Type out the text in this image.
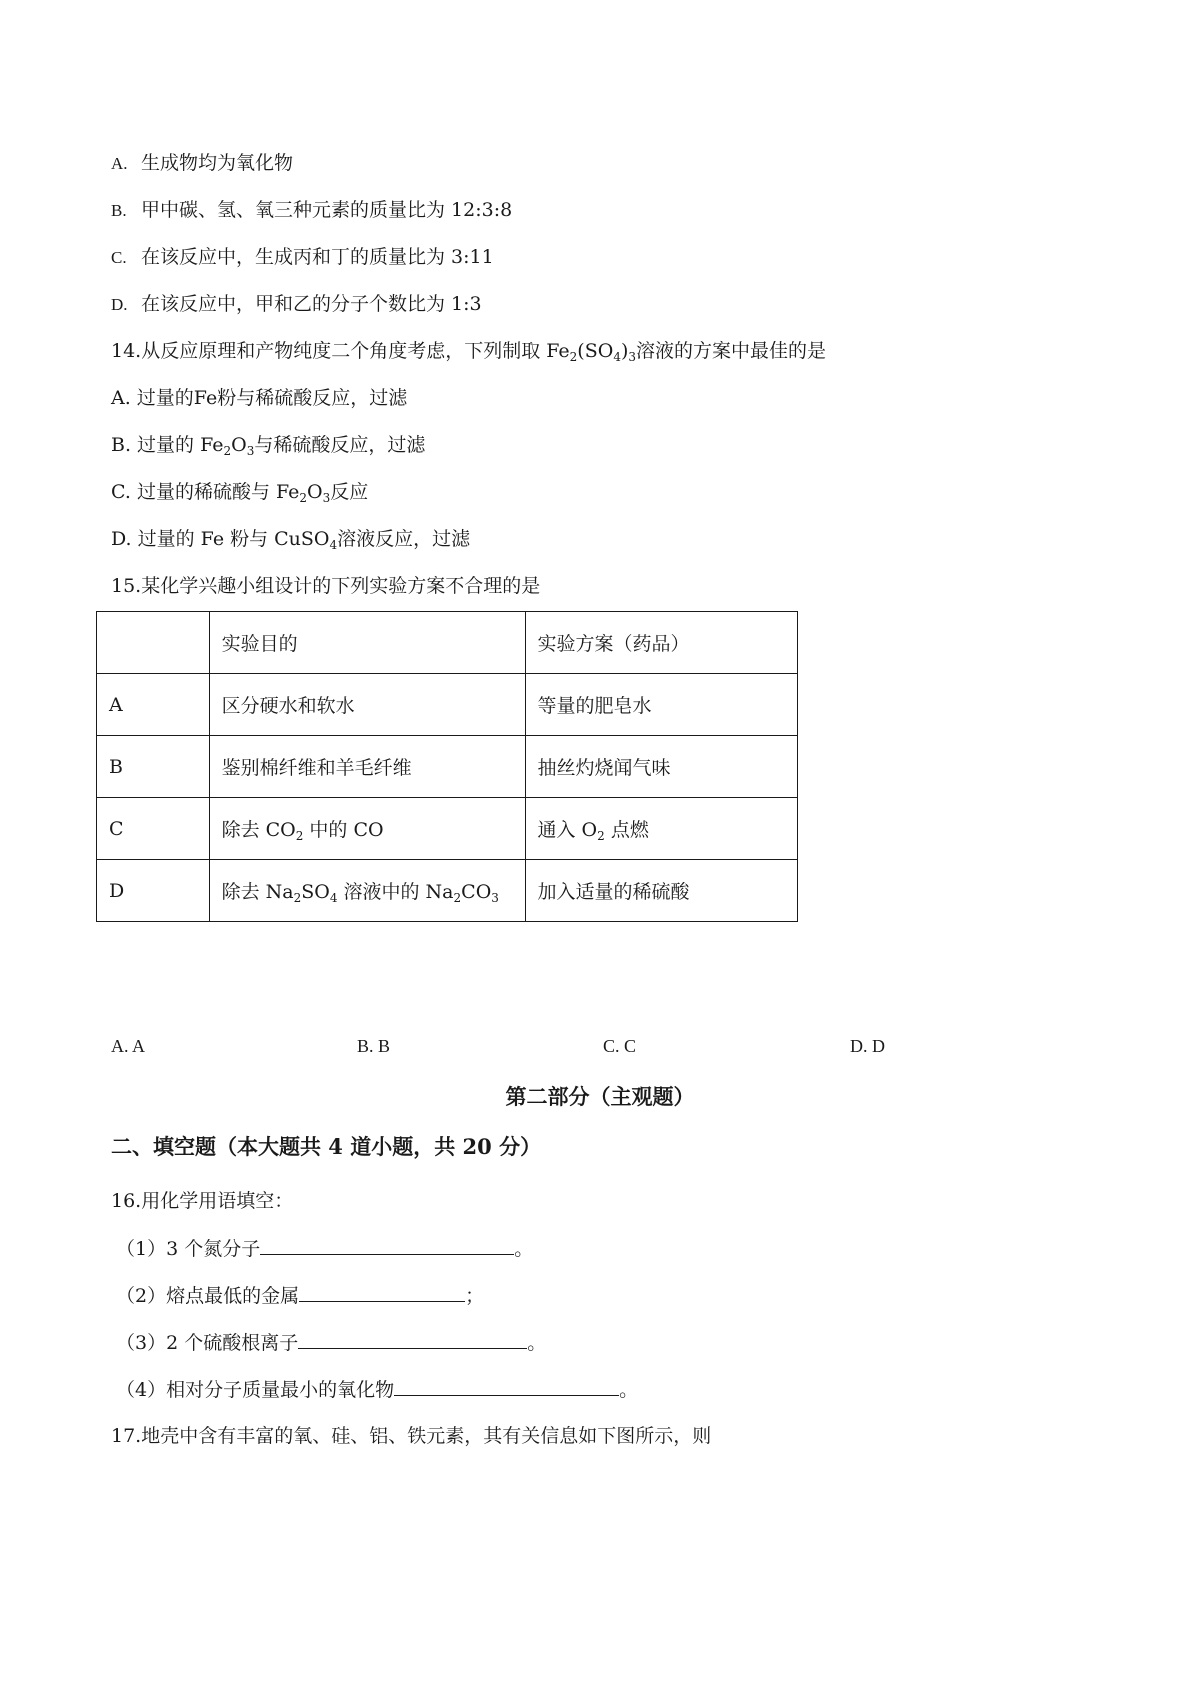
A. 生成物均为氧化物
B. 甲中碳、氢、氧三种元素的质量比为 12:3:8
C. 在该反应中，生成丙和丁的质量比为 3:11
D. 在该反应中，甲和乙的分子个数比为 1:3
14.从反应原理和产物纯度二个角度考虑，下列制取 $Fe_2(SO_4)_3$溶液的方案中最佳的是
A. 过量的Fe粉与稀硫酸反应，过滤
B. 过量的 $Fe_2O_3$与稀硫酸反应，过滤
C. 过量的稀硫酸与 $Fe_2O_3$反应
D. 过量的 Fe 粉与 CuSO$_4$溶液反应，过滤
15.某化学兴趣小组设计的下列实验方案不合理的是
	实验目的	实验方案（药品）
A	区分硬水和软水	等量的肥皂水
B	鉴别棉纤维和羊毛纤维	抽丝灼烧闻气味
C	除去 $CO_2$ 中的 CO	通入 $O_2$ 点燃
D	除去 $Na_2SO_4$ 溶液中的 $Na_2CO_3$	加入适量的稀硫酸
A. A	B. B	C. C	D. D
第二部分（主观题）
二、填空题（本大题共 4 道小题，共 20 分）
16.用化学用语填空：
（1）3 个氮分子	。
（2）熔点最低的金属	；
（3）2 个硫酸根离子	。
（4）相对分子质量最小的氧化物	。
17.地壳中含有丰富的氧、硅、铝、铁元素，其有关信息如下图所示，则
